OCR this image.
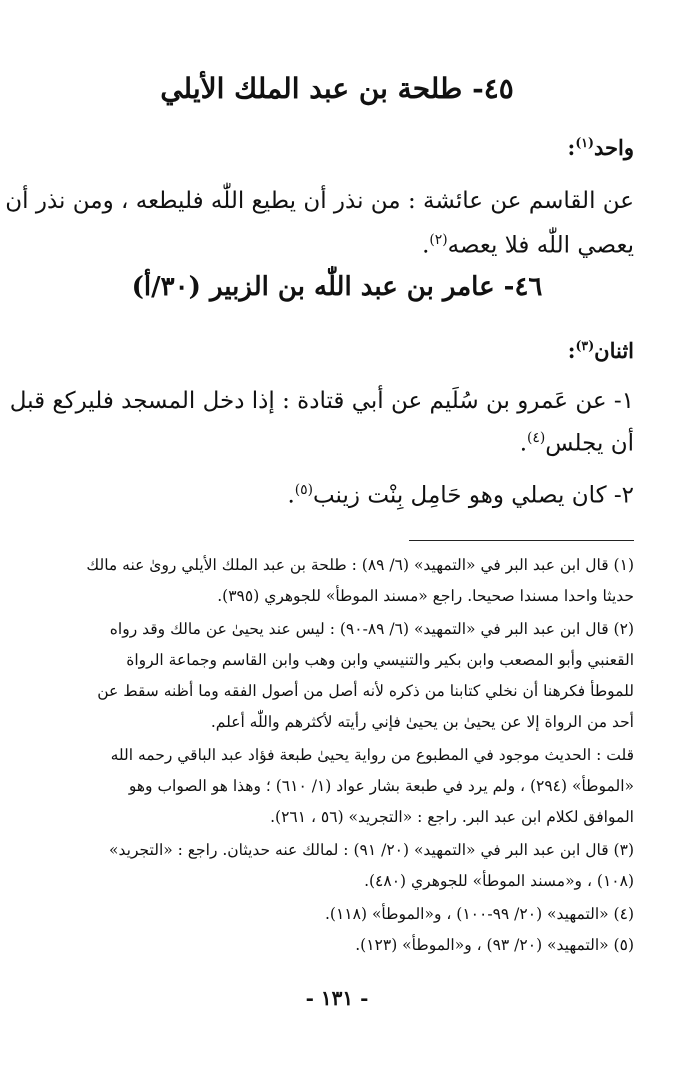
٤٥- طلحة بن عبد الملك الأيلي
واحد$^{(١)}$:
عن القاسم عن عائشة : من نذر أن يطيع اللّٰه فليطعه ، ومن نذر أن
يعصي اللّٰه فلا يعصه$^{(٢)}$.
٤٦- عامر بن عبد اللّٰه بن الزبير (٣٠/أ)
اثنان$^{(٣)}$:
١- عن عَمرو بن سُلَيم عن أبي قتادة : إذا دخل المسجد فليركع قبل
أن يجلس$^{(٤)}$.
٢- كان يصلي وهو حَامِل بِنْت زينب$^{(٥)}$.
(١) قال ابن عبد البر في «التمهيد» (٦/ ٨٩) : طلحة بن عبد الملك الأيلي روىٰ عنه مالك
حديثا واحدا مسندا صحيحا. راجع «مسند الموطأ» للجوهري (٣٩٥).
(٢) قال ابن عبد البر في «التمهيد» (٦/ ٨٩-٩٠) : ليس عند يحيىٰ عن مالك وقد رواه
القعنبي وأبو المصعب وابن بكير والتنيسي وابن وهب وابن القاسم وجماعة الرواة
للموطأ فكرهنا أن نخلي كتابنا من ذكره لأنه أصل من أصول الفقه وما أظنه سقط عن
أحد من الرواة إلا عن يحيىٰ بن يحيىٰ فإني رأيته لأكثرهم واللّٰه أعلم.
قلت : الحديث موجود في المطبوع من رواية يحيىٰ طبعة فؤاد عبد الباقي رحمه الله
«الموطأ» (٢٩٤) ، ولم يرد في طبعة بشار عواد (١/ ٦١٠) ؛ وهذا هو الصواب وهو
الموافق لكلام ابن عبد البر. راجع : «التجريد» (٥٦ ، ٢٦١).
(٣) قال ابن عبد البر في «التمهيد» (٢٠/ ٩١) : لمالك عنه حديثان. راجع : «التجريد»
(١٠٨) ، و«مسند الموطأ» للجوهري (٤٨٠).
(٤) «التمهيد» (٢٠/ ٩٩-١٠٠) ، و«الموطأ» (١١٨).
(٥) «التمهيد» (٢٠/ ٩٣) ، و«الموطأ» (١٢٣).
- ١٣١ -
